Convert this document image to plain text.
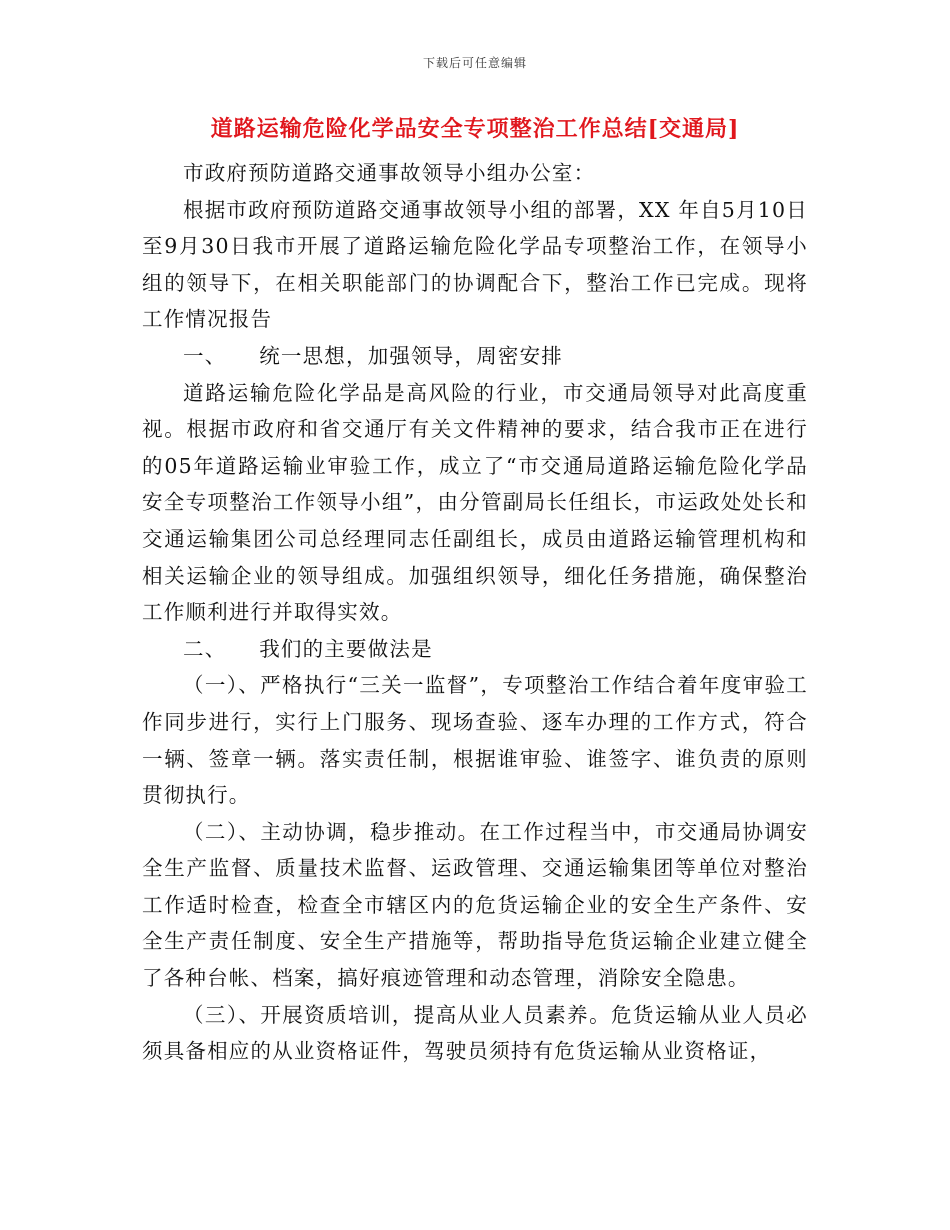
下载后可任意编辑
道路运输危险化学品安全专项整治工作总结[交通局]

市政府预防道路交通事故领导小组办公室：

根据市政府预防道路交通事故领导小组的部署，XX 年自5月10日至9月30日我市开展了道路运输危险化学品专项整治工作，在领导小组的领导下，在相关职能部门的协调配合下，整治工作已完成。现将工作情况报告

一、 统一思想，加强领导，周密安排

道路运输危险化学品是高风险的行业，市交通局领导对此高度重视。根据市政府和省交通厅有关文件精神的要求，结合我市正在进行的05年道路运输业审验工作，成立了“市交通局道路运输危险化学品安全专项整治工作领导小组”，由分管副局长任组长，市运政处处长和交通运输集团公司总经理同志任副组长，成员由道路运输管理机构和相关运输企业的领导组成。加强组织领导，细化任务措施，确保整治工作顺利进行并取得实效。

二、 我们的主要做法是

（一）、严格执行“三关一监督”，专项整治工作结合着年度审验工作同步进行，实行上门服务、现场查验、逐车办理的工作方式，符合一辆、签章一辆。落实责任制，根据谁审验、谁签字、谁负责的原则贯彻执行。

（二）、主动协调，稳步推动。在工作过程当中，市交通局协调安全生产监督、质量技术监督、运政管理、交通运输集团等单位对整治工作适时检查，检查全市辖区内的危货运输企业的安全生产条件、安全生产责任制度、安全生产措施等，帮助指导危货运输企业建立健全了各种台帐、档案，搞好痕迹管理和动态管理，消除安全隐患。

（三）、开展资质培训，提高从业人员素养。危货运输从业人员必须具备相应的从业资格证件，驾驶员须持有危货运输从业资格证，
